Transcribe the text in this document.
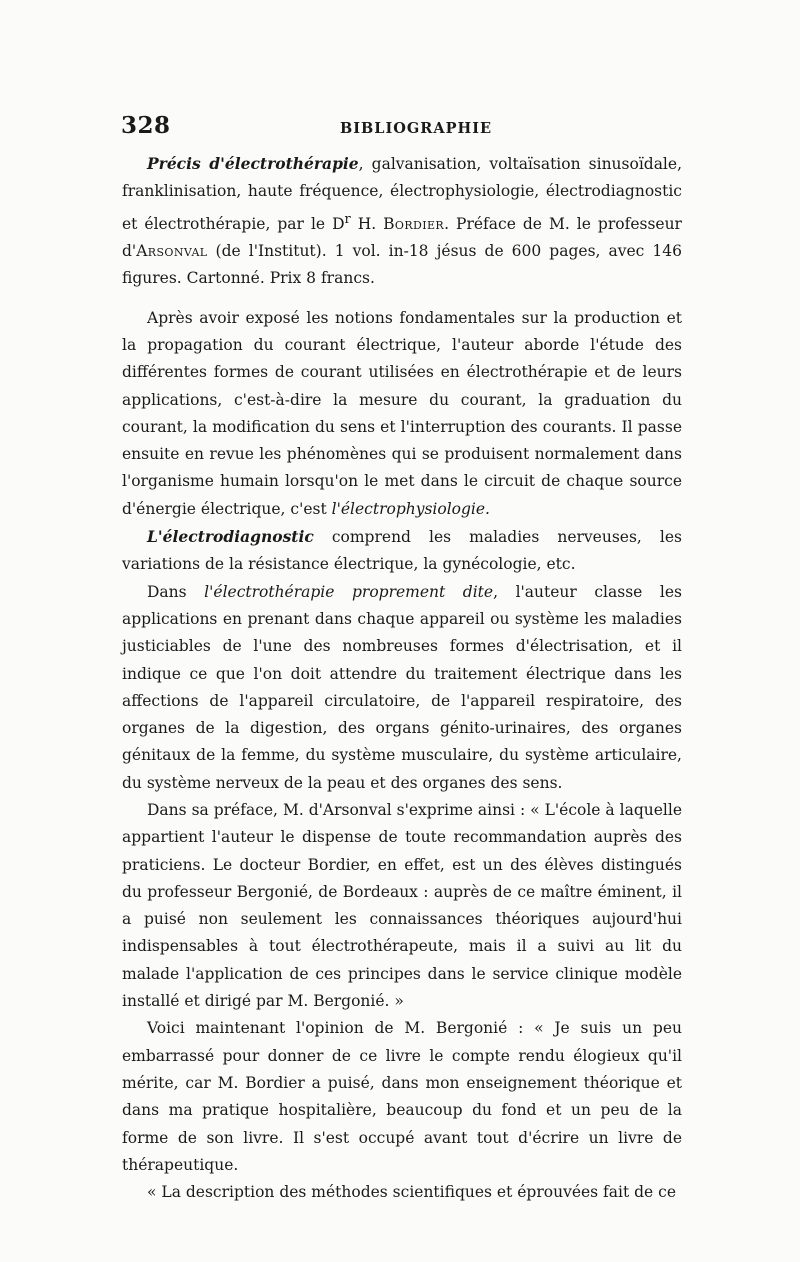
328	BIBLIOGRAPHIE

Précis d'électrothérapie, galvanisation, voltaïsation sinusoïdale, franklinisation, haute fréquence, électrophysiologie, électrodiagnostic et électrothérapie, par le $D^r$ H. Bordier. Préface de M. le professeur d'Arsonval (de l'Institut). 1 vol. in-18 jésus de 600 pages, avec 146 figures. Cartonné. Prix 8 francs.

Après avoir exposé les notions fondamentales sur la production et la propagation du courant électrique, l'auteur aborde l'étude des différentes formes de courant utilisées en électrothérapie et de leurs applications, c'est-à-dire la mesure du courant, la graduation du courant, la modification du sens et l'interruption des courants. Il passe ensuite en revue les phénomènes qui se produisent normalement dans l'organisme humain lorsqu'on le met dans le circuit de chaque source d'énergie électrique, c'est l'électrophysiologie.

L'électrodiagnostic comprend les maladies nerveuses, les variations de la résistance électrique, la gynécologie, etc.

Dans l'électrothérapie proprement dite, l'auteur classe les applications en prenant dans chaque appareil ou système les maladies justiciables de l'une des nombreuses formes d'électrisation, et il indique ce que l'on doit attendre du traitement électrique dans les affections de l'appareil circulatoire, de l'appareil respiratoire, des organes de la digestion, des organs génito-urinaires, des organes génitaux de la femme, du système musculaire, du système articulaire, du système nerveux de la peau et des organes des sens.

Dans sa préface, M. d'Arsonval s'exprime ainsi : « L'école à laquelle appartient l'auteur le dispense de toute recommandation auprès des praticiens. Le docteur Bordier, en effet, est un des élèves distingués du professeur Bergonié, de Bordeaux : auprès de ce maître éminent, il a puisé non seulement les connaissances théoriques aujourd'hui indispensables à tout électrothérapeute, mais il a suivi au lit du malade l'application de ces principes dans le service clinique modèle installé et dirigé par M. Bergonié. »

Voici maintenant l'opinion de M. Bergonié : « Je suis un peu embarrassé pour donner de ce livre le compte rendu élogieux qu'il mérite, car M. Bordier a puisé, dans mon enseignement théorique et dans ma pratique hospitalière, beaucoup du fond et un peu de la forme de son livre. Il s'est occupé avant tout d'écrire un livre de thérapeutique.

« La description des méthodes scientifiques et éprouvées fait de ce
